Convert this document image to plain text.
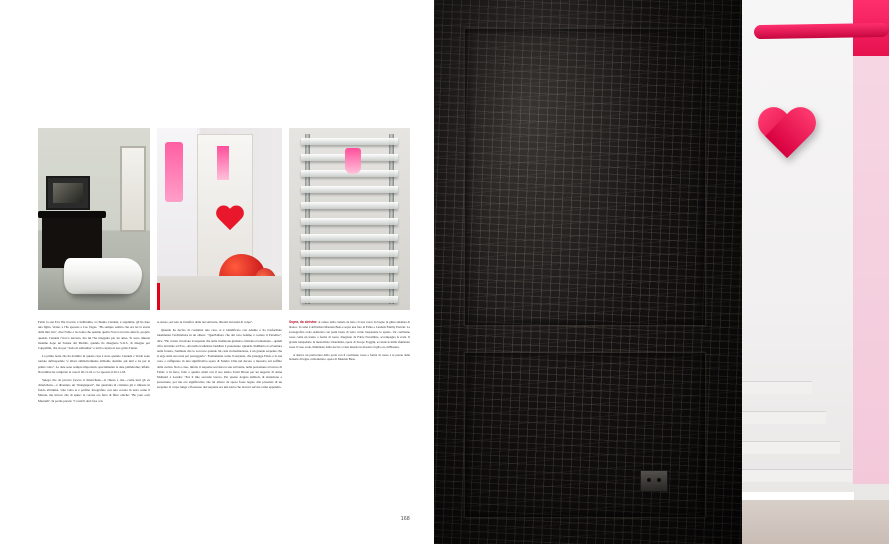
Fabio la sua Eva l'ha trovata: è bellissima, si chiama Candela, è argentina, gli ha dato una figlia, Verde, e l'ha sposato a Las Vegas. "Ho sempre sentito che era lei la storia della mia vita", dice Fabio e racconta che quando quella l'avvca trovato anni fa, proprio quando Candela l'avvca lasciato, ma lui l'ha inseguita per un anno. Si sono rimessi insieme dopo un Salone del Mobile, quando ha disegnato S.O.S. di disegno per Cappellini, che sta per "isola di solitudine" e lei ha captato il suo grido d'aiuto.

La prima notte che ha dormito in questa casa è stato quando Candela e Verde sono tornate dall'ospedale "e allora simbolicamente abbiamo dormito qui tutti e tre per la prima volta". Le date sono sempre importanti, specialmente le date palindrome; infatti, Novembre ha comprato la casa il 20-11-02 e ci è sposato il 20-11-03.

Spiega che da piccolo faceva il chierichetto—il chiesa e che—come tutti gli ex chierichetto—è diventato un "mangiapreti", ma qualcuna di cristiano gli è rimasto in fondo all'anima. Una volta si è perfino fotografato con una corona in testa come il Messia, ma invece che di spine: la corona era fatta di fibre ottiche: "Be your own Messiah". In poche parole: "I conti li devi fare con

te stesso, sei solo tu l'artefice della tua salvezza, liberati dai sensi di colpa".

Quando ha deciso di costruirsi una casa, si è identificato con Adamo e ha trasformato idealmente l'architettura in un albero: "Quell'albero che dal vero Adamo è costato il Paradiso", dice. "Ho voluto ricaricare il serpente che nella tradizione giudaico-cristiana è tentazione—quindi cifra del male ad Eva—ma nella tradizione buddista è protezione. Quando Siddharta si avventura nella foresta, l'animale che lo soccorre quando lui cade in meditazione, è un grande serpente che si erge sulla sua testa per proteggerlo". Esattamente come il serpente, che protegge Fabio e la sua casa, e raffigurato in una significativa opera di Sandro Chia nel decoro a mosaico sul soffitto della cucina. Non a caso, infatti, il serpente sovrasta la sua scrivania, nella postazione al lavoro di Fabio: è in ferro, fatto a quattro mani con il suo amico Tomi Dixon per un negozio di Anna Molinari a Londra: "Era il mio secondo lavoro. Per questo doppio simbolo di tentazione e protezione, per me era significativo che un albero da sposa fosse legato alla presenza di un serpente. Il corpo lungo e flessuoso del serpente era una barra che doveva servire come appendia-

Sopra, da sinistra: al centro della camera da letto c'è una vasca da bagno in ghisa smaltata di bianco. Il comò è dell'artista Maarten Baas e sopra una foto di Fabio e Candela Family Portrait. La scenografica scala realizzata con piani lastre di vetro verde trasparente lo spazio. Un corrimano rosso come un nastro a forma di cuore, disegnato da Fabio Novembre, accompagna la scala. Il grande lampadario in metacrilato Chandelier, opera di Jacopo Foggini, accende le mille sfumature rosse il vaso scale, illuminato dalla doccia a vista inserita in mosaico foglia oro di Bisazza.

A destra: un particolare della porta con il corrimano rosso a forma di cuore e la parete della boiserie di legno carbonizzato, opera di Maarten Baas.

168
